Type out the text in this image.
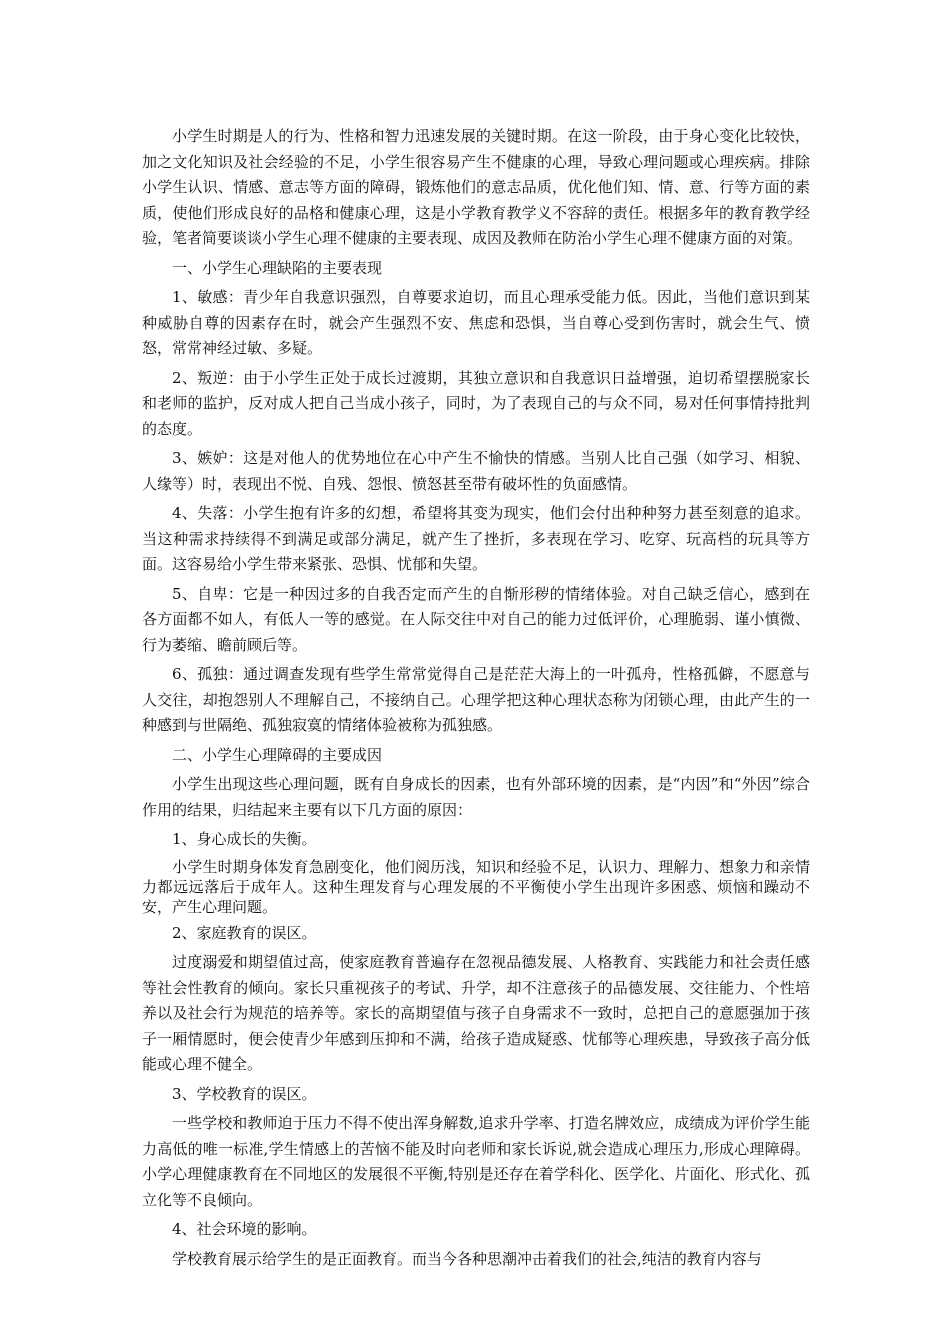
小学生时期是人的行为、性格和智力迅速发展的关键时期。在这一阶段，由于身心变化比较快，加之文化知识及社会经验的不足，小学生很容易产生不健康的心理，导致心理问题或心理疾病。排除小学生认识、情感、意志等方面的障碍，锻炼他们的意志品质，优化他们知、情、意、行等方面的素质，使他们形成良好的品格和健康心理，这是小学教育教学义不容辞的责任。根据多年的教育教学经验，笔者简要谈谈小学生心理不健康的主要表现、成因及教师在防治小学生心理不健康方面的对策。

一、小学生心理缺陷的主要表现

1、敏感：青少年自我意识强烈，自尊要求迫切，而且心理承受能力低。因此，当他们意识到某种威胁自尊的因素存在时，就会产生强烈不安、焦虑和恐惧，当自尊心受到伤害时，就会生气、愤怒，常常神经过敏、多疑。

2、叛逆：由于小学生正处于成长过渡期，其独立意识和自我意识日益增强，迫切希望摆脱家长和老师的监护，反对成人把自己当成小孩子，同时，为了表现自己的与众不同，易对任何事情持批判的态度。

3、嫉妒：这是对他人的优势地位在心中产生不愉快的情感。当别人比自己强（如学习、相貌、人缘等）时，表现出不悦、自残、怨恨、愤怒甚至带有破坏性的负面感情。

4、失落：小学生抱有许多的幻想，希望将其变为现实，他们会付出种种努力甚至刻意的追求。当这种需求持续得不到满足或部分满足，就产生了挫折，多表现在学习、吃穿、玩高档的玩具等方面。这容易给小学生带来紧张、恐惧、忧郁和失望。

5、自卑：它是一种因过多的自我否定而产生的自惭形秽的情绪体验。对自己缺乏信心，感到在各方面都不如人，有低人一等的感觉。在人际交往中对自己的能力过低评价，心理脆弱、谨小慎微、行为萎缩、瞻前顾后等。

6、孤独：通过调查发现有些学生常常觉得自己是茫茫大海上的一叶孤舟，性格孤僻，不愿意与人交往，却抱怨别人不理解自己，不接纳自己。心理学把这种心理状态称为闭锁心理，由此产生的一种感到与世隔绝、孤独寂寞的情绪体验被称为孤独感。

二、小学生心理障碍的主要成因

小学生出现这些心理问题，既有自身成长的因素，也有外部环境的因素，是“内因”和“外因”综合作用的结果，归结起来主要有以下几方面的原因：

1、身心成长的失衡。

小学生时期身体发育急剧变化，他们阅历浅，知识和经验不足，认识力、理解力、想象力和亲情力都远远落后于成年人。这种生理发育与心理发展的不平衡使小学生出现许多困惑、烦恼和躁动不安，产生心理问题。

2、家庭教育的误区。

过度溺爱和期望值过高，使家庭教育普遍存在忽视品德发展、人格教育、实践能力和社会责任感等社会性教育的倾向。家长只重视孩子的考试、升学，却不注意孩子的品德发展、交往能力、个性培养以及社会行为规范的培养等。家长的高期望值与孩子自身需求不一致时，总把自己的意愿强加于孩子一厢情愿时，便会使青少年感到压抑和不满，给孩子造成疑惑、忧郁等心理疾患，导致孩子高分低能或心理不健全。

3、学校教育的误区。

一些学校和教师迫于压力不得不使出浑身解数,追求升学率、打造名牌效应，成绩成为评价学生能力高低的唯一标准,学生情感上的苦恼不能及时向老师和家长诉说,就会造成心理压力,形成心理障碍。小学心理健康教育在不同地区的发展很不平衡,特别是还存在着学科化、医学化、片面化、形式化、孤立化等不良倾向。

4、社会环境的影响。

学校教育展示给学生的是正面教育。而当今各种思潮冲击着我们的社会,纯洁的教育内容与
